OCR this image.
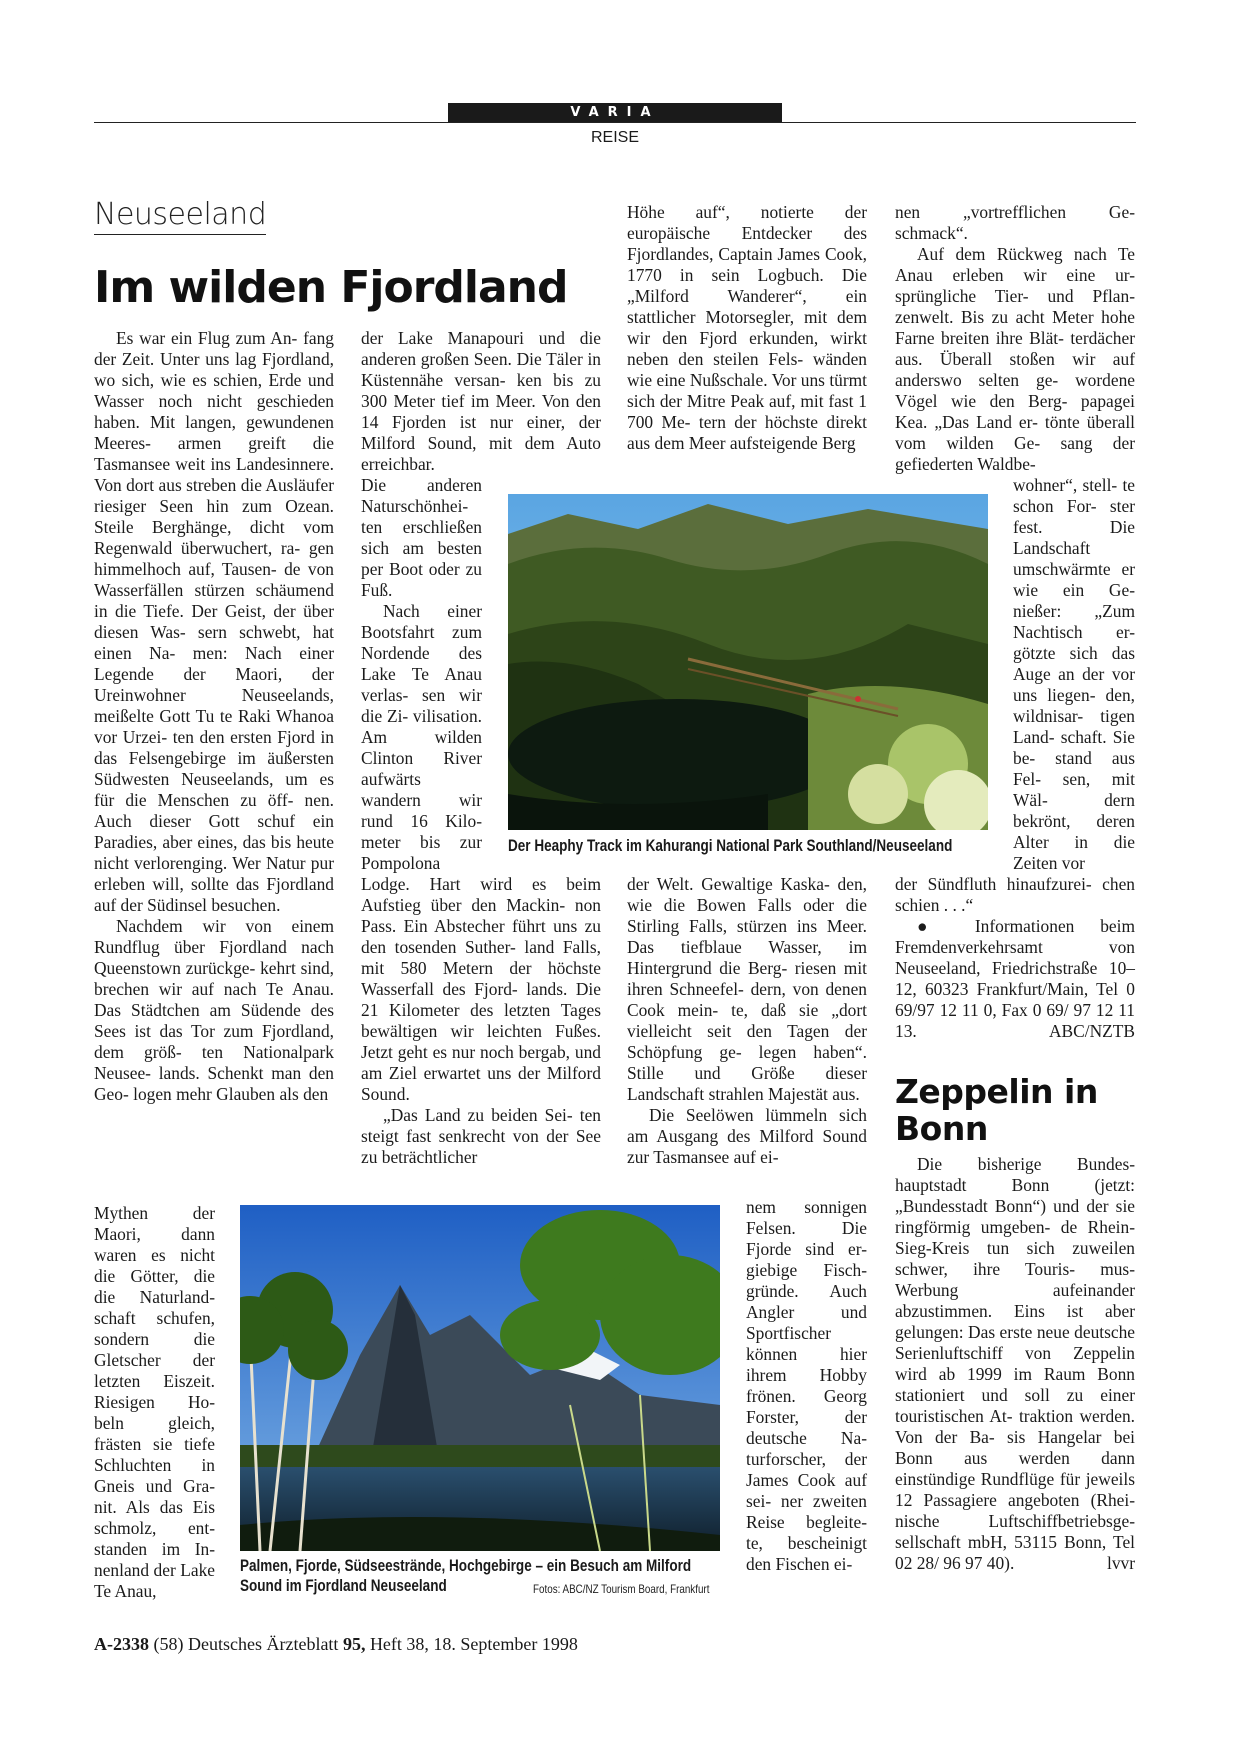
VARIA
REISE
Neuseeland
Im wilden Fjordland

Es war ein Flug zum An- fang der Zeit. Unter uns lag Fjordland, wo sich, wie es schien, Erde und Wasser noch nicht geschieden haben. Mit langen, gewundenen Meeres- armen greift die Tasmansee weit ins Landesinnere. Von dort aus streben die Ausläufer riesiger Seen hin zum Ozean. Steile Berghänge, dicht vom Regenwald überwuchert, ra- gen himmelhoch auf, Tausen- de von Wasserfällen stürzen schäumend in die Tiefe. Der Geist, der über diesen Was- sern schwebt, hat einen Na- men: Nach einer Legende der Maori, der Ureinwohner Neuseelands, meißelte Gott Tu te Raki Whanoa vor Urzei- ten den ersten Fjord in das Felsengebirge im äußersten Südwesten Neuseelands, um es für die Menschen zu öff- nen. Auch dieser Gott schuf ein Paradies, aber eines, das bis heute nicht verlorenging. Wer Natur pur erleben will, sollte das Fjordland auf der Südinsel besuchen.

Nachdem wir von einem Rundflug über Fjordland nach Queenstown zurückge- kehrt sind, brechen wir auf nach Te Anau. Das Städtchen am Südende des Sees ist das Tor zum Fjordland, dem größ- ten Nationalpark Neusee- lands. Schenkt man den Geo- logen mehr Glauben als den

Mythen der Maori, dann waren es nicht die Götter, die die Naturland- schaft schufen, sondern die Gletscher der letzten Eiszeit. Riesigen Ho- beln gleich, frästen sie tiefe Schluchten in Gneis und Gra- nit. Als das Eis schmolz, ent- standen im In- nenland der Lake Te Anau,

der Lake Manapouri und die anderen großen Seen. Die Täler in Küstennähe versan- ken bis zu 300 Meter tief im Meer. Von den 14 Fjorden ist nur einer, der Milford Sound, mit dem Auto erreichbar.

Die anderen Naturschönhei- ten erschließen sich am besten per Boot oder zu Fuß.

Nach einer Bootsfahrt zum Nordende des Lake Te Anau verlas- sen wir die Zi- vilisation. Am wilden Clinton River aufwärts wandern wir rund 16 Kilo- meter bis zur Pompolona

Lodge. Hart wird es beim Aufstieg über den Mackin- non Pass. Ein Abstecher führt uns zu den tosenden Suther- land Falls, mit 580 Metern der höchste Wasserfall des Fjord- lands. Die 21 Kilometer des letzten Tages bewältigen wir leichten Fußes. Jetzt geht es nur noch bergab, und am Ziel erwartet uns der Milford Sound.

„Das Land zu beiden Sei- ten steigt fast senkrecht von der See zu beträchtlicher

Höhe auf“, notierte der europäische Entdecker des Fjordlandes, Captain James Cook, 1770 in sein Logbuch. Die „Milford Wanderer“, ein stattlicher Motorsegler, mit dem wir den Fjord erkunden, wirkt neben den steilen Fels- wänden wie eine Nußschale. Vor uns türmt sich der Mitre Peak auf, mit fast 1 700 Me- tern der höchste direkt aus dem Meer aufsteigende Berg

der Welt. Gewaltige Kaska- den, wie die Bowen Falls oder die Stirling Falls, stürzen ins Meer. Das tiefblaue Wasser, im Hintergrund die Berg- riesen mit ihren Schneefel- dern, von denen Cook mein- te, daß sie „dort vielleicht seit den Tagen der Schöpfung ge- legen haben“. Stille und Größe dieser Landschaft strahlen Majestät aus.

Die Seelöwen lümmeln sich am Ausgang des Milford Sound zur Tasmansee auf ei-

nem sonnigen Felsen. Die Fjorde sind er- giebige Fisch- gründe. Auch Angler und Sportfischer können hier ihrem Hobby frönen. Georg Forster, der deutsche Na- turforscher, der James Cook auf sei- ner zweiten Reise begleite- te, bescheinigt den Fischen ei-

nen „vortrefflichen Ge- schmack“.

Auf dem Rückweg nach Te Anau erleben wir eine ur- sprüngliche Tier- und Pflan- zenwelt. Bis zu acht Meter hohe Farne breiten ihre Blät- terdächer aus. Überall stoßen wir auf anderswo selten ge- wordene Vögel wie den Berg- papagei Kea. „Das Land er- tönte überall vom wilden Ge- sang der gefiederten Waldbe-

wohner“, stell- te schon For- ster fest. Die Landschaft umschwärmte er wie ein Ge- nießer: „Zum Nachtisch er- götzte sich das Auge an der vor uns liegen- den, wildnisar- tigen Land- schaft. Sie be- stand aus Fel- sen, mit Wäl- dern bekrönt, deren Alter in die Zeiten vor

der Sündfluth hinaufzurei- chen schien . . .“

● Informationen beim Fremdenverkehrsamt von Neuseeland, Friedrichstraße 10–12, 60323 Frankfurt/Main, Tel 0 69/97 12 11 0, Fax 0 69/ 97 12 11 13.	ABC/NZTB

Der Heaphy Track im Kahurangi National Park Southland/Neuseeland
Palmen, Fjorde, Südseestrände, Hochgebirge – ein Besuch am Milford Sound im Fjordland Neuseeland	Fotos: ABC/NZ Tourism Board, Frankfurt
Zeppelin in Bonn

Die bisherige Bundes- hauptstadt Bonn (jetzt: „Bundesstadt Bonn“) und der sie ringförmig umgeben- de Rhein-Sieg-Kreis tun sich zuweilen schwer, ihre Touris- mus-Werbung aufeinander abzustimmen. Eins ist aber gelungen: Das erste neue deutsche Serienluftschiff von Zeppelin wird ab 1999 im Raum Bonn stationiert und soll zu einer touristischen At- traktion werden. Von der Ba- sis Hangelar bei Bonn aus werden dann einstündige Rundflüge für jeweils 12 Passagiere angeboten (Rhei- nische Luftschiffbetriebsge- sellschaft mbH, 53115 Bonn, Tel 02 28/ 96 97 40).	lvvr

A-2338 (58) Deutsches Ärzteblatt 95, Heft 38, 18. September 1998
